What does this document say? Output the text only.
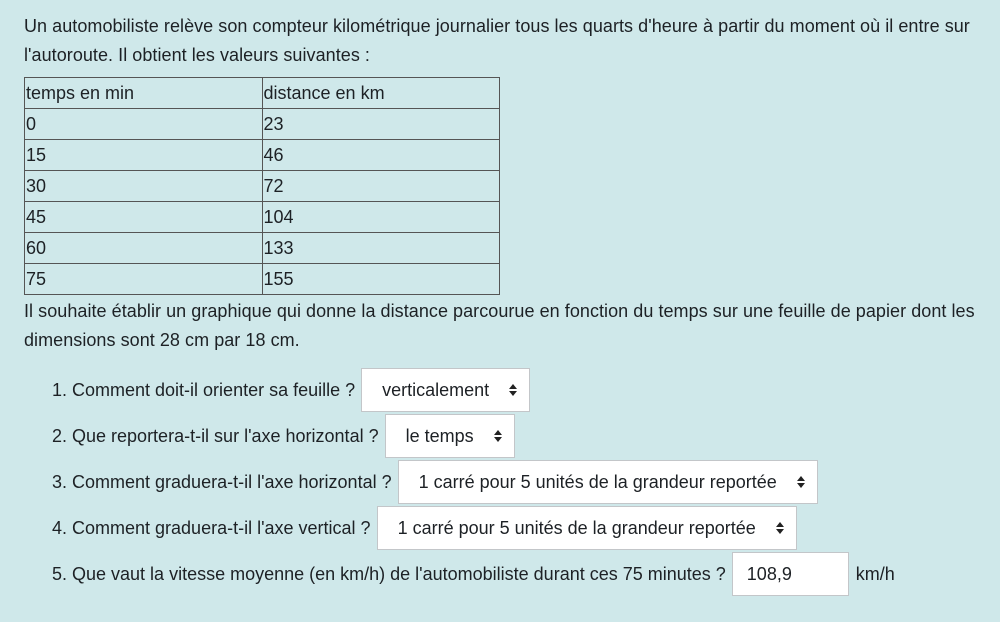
Un automobiliste relève son compteur kilométrique journalier tous les quarts d'heure à partir du moment où il entre sur l'autoroute. Il obtient les valeurs suivantes :

temps en min	distance en km
0	23
15	46
30	72
45	104
60	133
75	155

Il souhaite établir un graphique qui donne la distance parcourue en fonction du temps sur une feuille de papier dont les dimensions sont 28 cm par 18 cm.

1. Comment doit-il orienter sa feuille ? verticalement
2. Que reportera-t-il sur l'axe horizontal ? le temps
3. Comment graduera-t-il l'axe horizontal ? 1 carré pour 5 unités de la grandeur reportée
4. Comment graduera-t-il l'axe vertical ? 1 carré pour 5 unités de la grandeur reportée
5. Que vaut la vitesse moyenne (en km/h) de l'automobiliste durant ces 75 minutes ?	108,9	km/h
